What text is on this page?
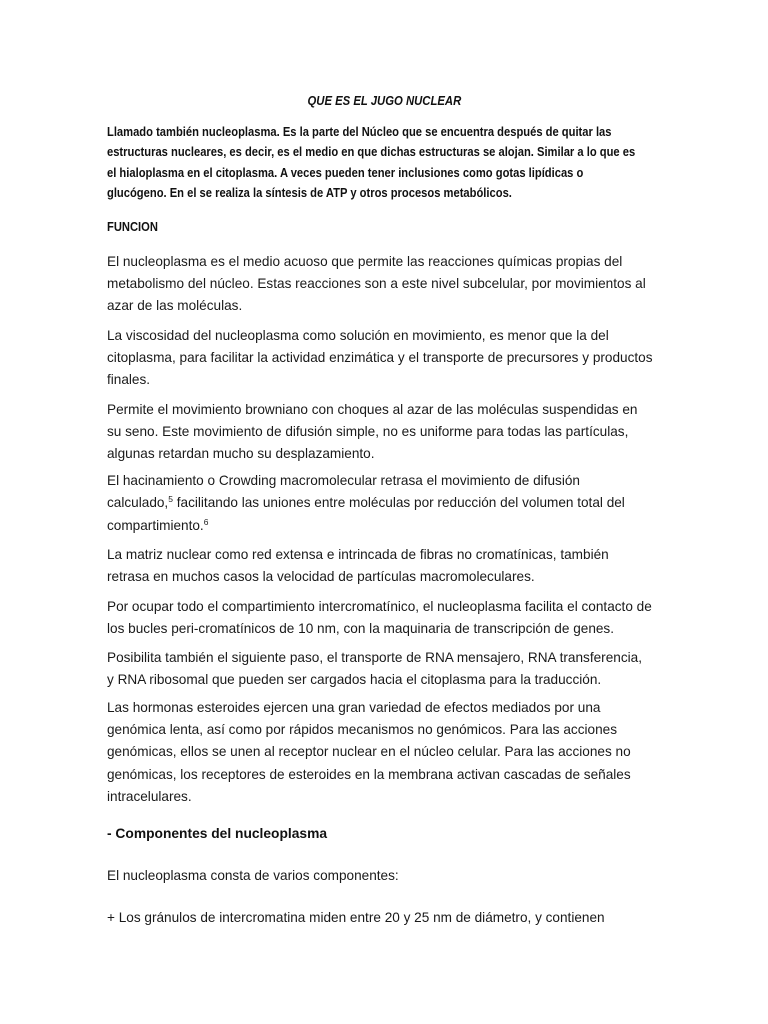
QUE ES EL JUGO NUCLEAR
Llamado también nucleoplasma. Es la parte del Núcleo que se encuentra después de quitar las
estructuras nucleares, es decir, es el medio en que dichas estructuras se alojan. Similar a lo que es
el hialoplasma en el citoplasma. A veces pueden tener inclusiones como gotas lipídicas o
glucógeno. En el se realiza la síntesis de ATP y otros procesos metabólicos.
FUNCION
El nucleoplasma es el medio acuoso que permite las reacciones químicas propias del
metabolismo del núcleo. Estas reacciones son a este nivel subcelular, por movimientos al
azar de las moléculas.
La viscosidad del nucleoplasma como solución en movimiento, es menor que la del
citoplasma, para facilitar la actividad enzimática y el transporte de precursores y productos
finales.
Permite el movimiento browniano con choques al azar de las moléculas suspendidas en
su seno. Este movimiento de difusión simple, no es uniforme para todas las partículas,
algunas retardan mucho su desplazamiento.
El hacinamiento o Crowding macromolecular retrasa el movimiento de difusión
calculado,$^5$ facilitando las uniones entre moléculas por reducción del volumen total del
compartimiento.$^6$
La matriz nuclear como red extensa e intrincada de fibras no cromatínicas, también
retrasa en muchos casos la velocidad de partículas macromoleculares.
Por ocupar todo el compartimiento intercromatínico, el nucleoplasma facilita el contacto de
los bucles peri-cromatínicos de 10 nm, con la maquinaria de transcripción de genes.
Posibilita también el siguiente paso, el transporte de RNA mensajero, RNA transferencia,
y RNA ribosomal que pueden ser cargados hacia el citoplasma para la traducción.
Las hormonas esteroides ejercen una gran variedad de efectos mediados por una
genómica lenta, así como por rápidos mecanismos no genómicos. Para las acciones
genómicas, ellos se unen al receptor nuclear en el núcleo celular. Para las acciones no
genómicas, los receptores de esteroides en la membrana activan cascadas de señales
intracelulares.
- Componentes del nucleoplasma
El nucleoplasma consta de varios componentes:
+ Los gránulos de intercromatina miden entre 20 y 25 nm de diámetro, y contienen
